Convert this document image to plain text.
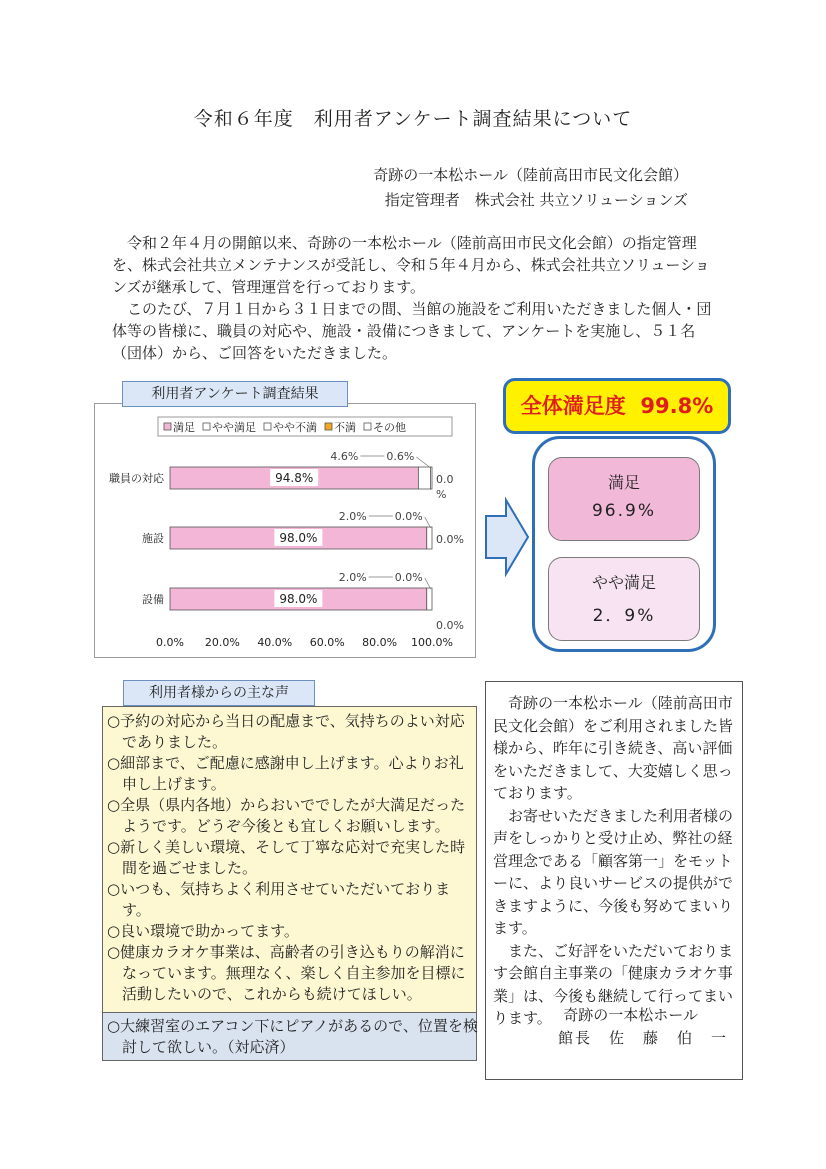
令和６年度　利用者アンケート調査結果について
奇跡の一本松ホール（陸前高田市民文化会館）
指定管理者　株式会社 共立ソリューションズ

令和２年４月の開館以来、奇跡の一本松ホール（陸前高田市民文化会館）の指定管理を、株式会社共立メンテナンスが受託し、令和５年４月から、株式会社共立ソリューションズが継承して、管理運営を行っております。

このたび、７月１日から３１日までの間、当館の施設をご利用いただきました個人・団体等の皆様に、職員の対応や、施設・設備につきまして、アンケートを実施し、５１名（団体）から、ご回答をいただきました。

利用者アンケート調査結果
満足 やや満足 やや不満 不満 その他
職員の対応	94.8%
4.6%	0.6%
0.0
%
施設	98.0%
2.0%	0.0%
0.0%
設備	98.0%
2.0%	0.0%
0.0%
0.0% 20.0% 40.0% 60.0% 80.0% 100.0%
全体満足度 99.8%
満足
96.9%
やや満足
2．9%

○予約の対応から当日の配慮まで、気持ちのよい対応でありました。

○細部まで、ご配慮に感謝申し上げます。心よりお礼申し上げます。

○全県（県内各地）からおいででしたが大満足だったようです。どうぞ今後とも宜しくお願いします。

○新しく美しい環境、そして丁寧な応対で充実した時間を過ごせました。

○いつも、気持ちよく利用させていただいております。

○良い環境で助かってます。

○健康カラオケ事業は、高齢者の引き込もりの解消になっています。無理なく、楽しく自主参加を目標に活動したいので、これからも続けてほしい。

利用者様からの主な声

○大練習室のエアコン下にピアノがあるので、位置を検討して欲しい。（対応済）

奇跡の一本松ホール（陸前高田市民文化会館）をご利用されました皆様から、昨年に引き続き、高い評価をいただきまして、大変嬉しく思っております。

お寄せいただきました利用者様の声をしっかりと受け止め、弊社の経営理念である「顧客第一」をモットーに、より良いサービスの提供ができますように、今後も努めてまいります。

また、ご好評をいただいております会館自主事業の「健康カラオケ事業」は、今後も継続して行ってまいります。 奇跡の一本松ホール
館長　佐　藤　伯　一
